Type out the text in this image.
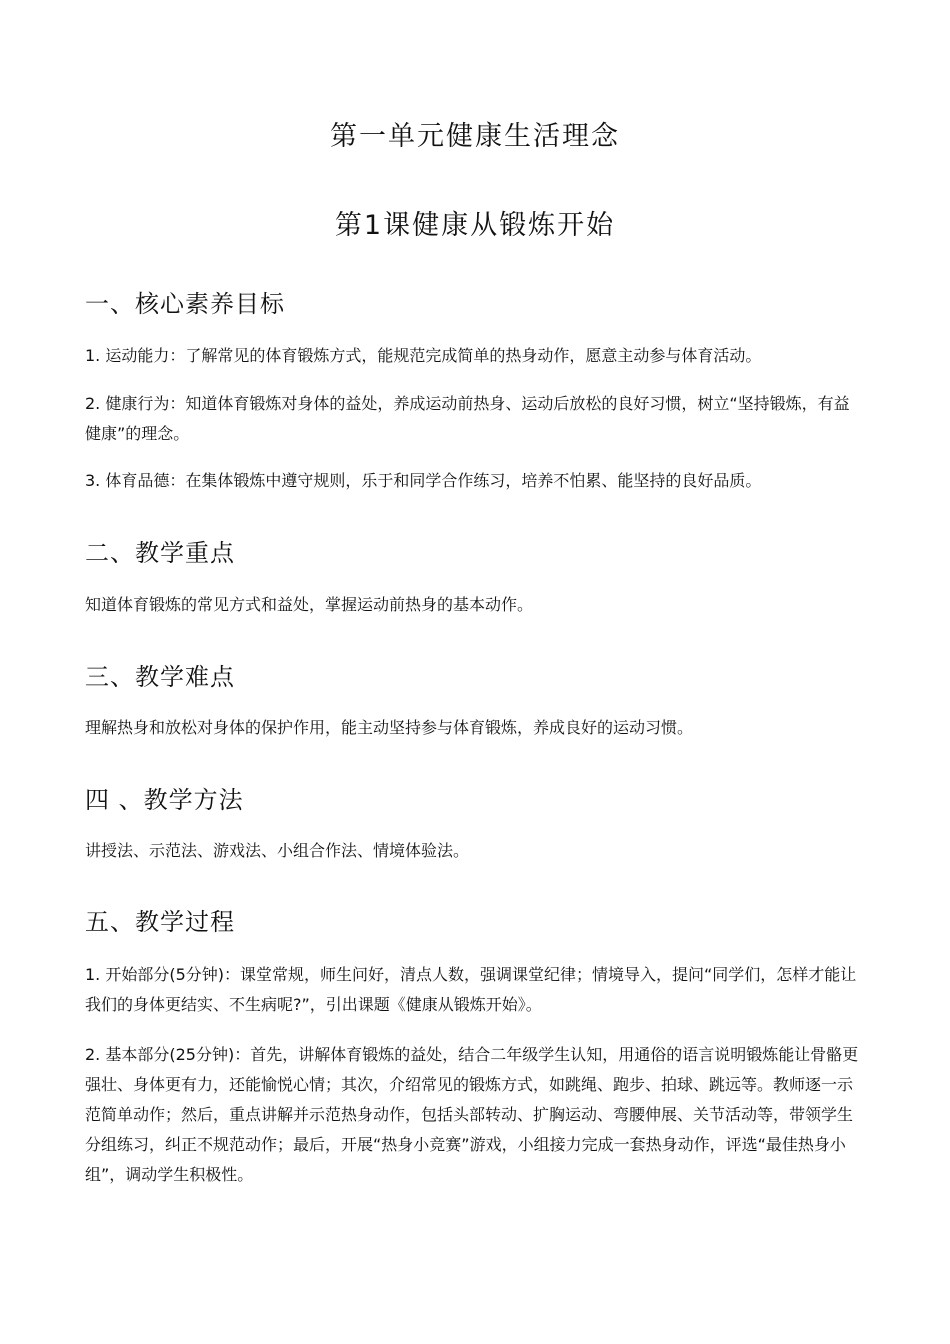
第一单元健康生活理念
第1课健康从锻炼开始
一、核心素养目标

1. 运动能力：了解常见的体育锻炼方式，能规范完成简单的热身动作，愿意主动参与体育活动。

2. 健康行为：知道体育锻炼对身体的益处，养成运动前热身、运动后放松的良好习惯，树立“坚持锻炼，有益健康”的理念。

3. 体育品德：在集体锻炼中遵守规则，乐于和同学合作练习，培养不怕累、能坚持的良好品质。

二、教学重点

知道体育锻炼的常见方式和益处，掌握运动前热身的基本动作。

三、教学难点

理解热身和放松对身体的保护作用，能主动坚持参与体育锻炼，养成良好的运动习惯。

四 、教学方法

讲授法、示范法、游戏法、小组合作法、情境体验法。

五、教学过程

1. 开始部分(5分钟)：课堂常规，师生问好，清点人数，强调课堂纪律；情境导入，提问“同学们，怎样才能让我们的身体更结实、不生病呢?”，引出课题《健康从锻炼开始》。

2. 基本部分(25分钟)：首先，讲解体育锻炼的益处，结合二年级学生认知，用通俗的语言说明锻炼能让骨骼更强壮、身体更有力，还能愉悦心情；其次，介绍常见的锻炼方式，如跳绳、跑步、拍球、跳远等。教师逐一示范简单动作；然后，重点讲解并示范热身动作，包括头部转动、扩胸运动、弯腰伸展、关节活动等，带领学生分组练习，纠正不规范动作；最后，开展“热身小竞赛”游戏，小组接力完成一套热身动作，评选“最佳热身小组”，调动学生积极性。
